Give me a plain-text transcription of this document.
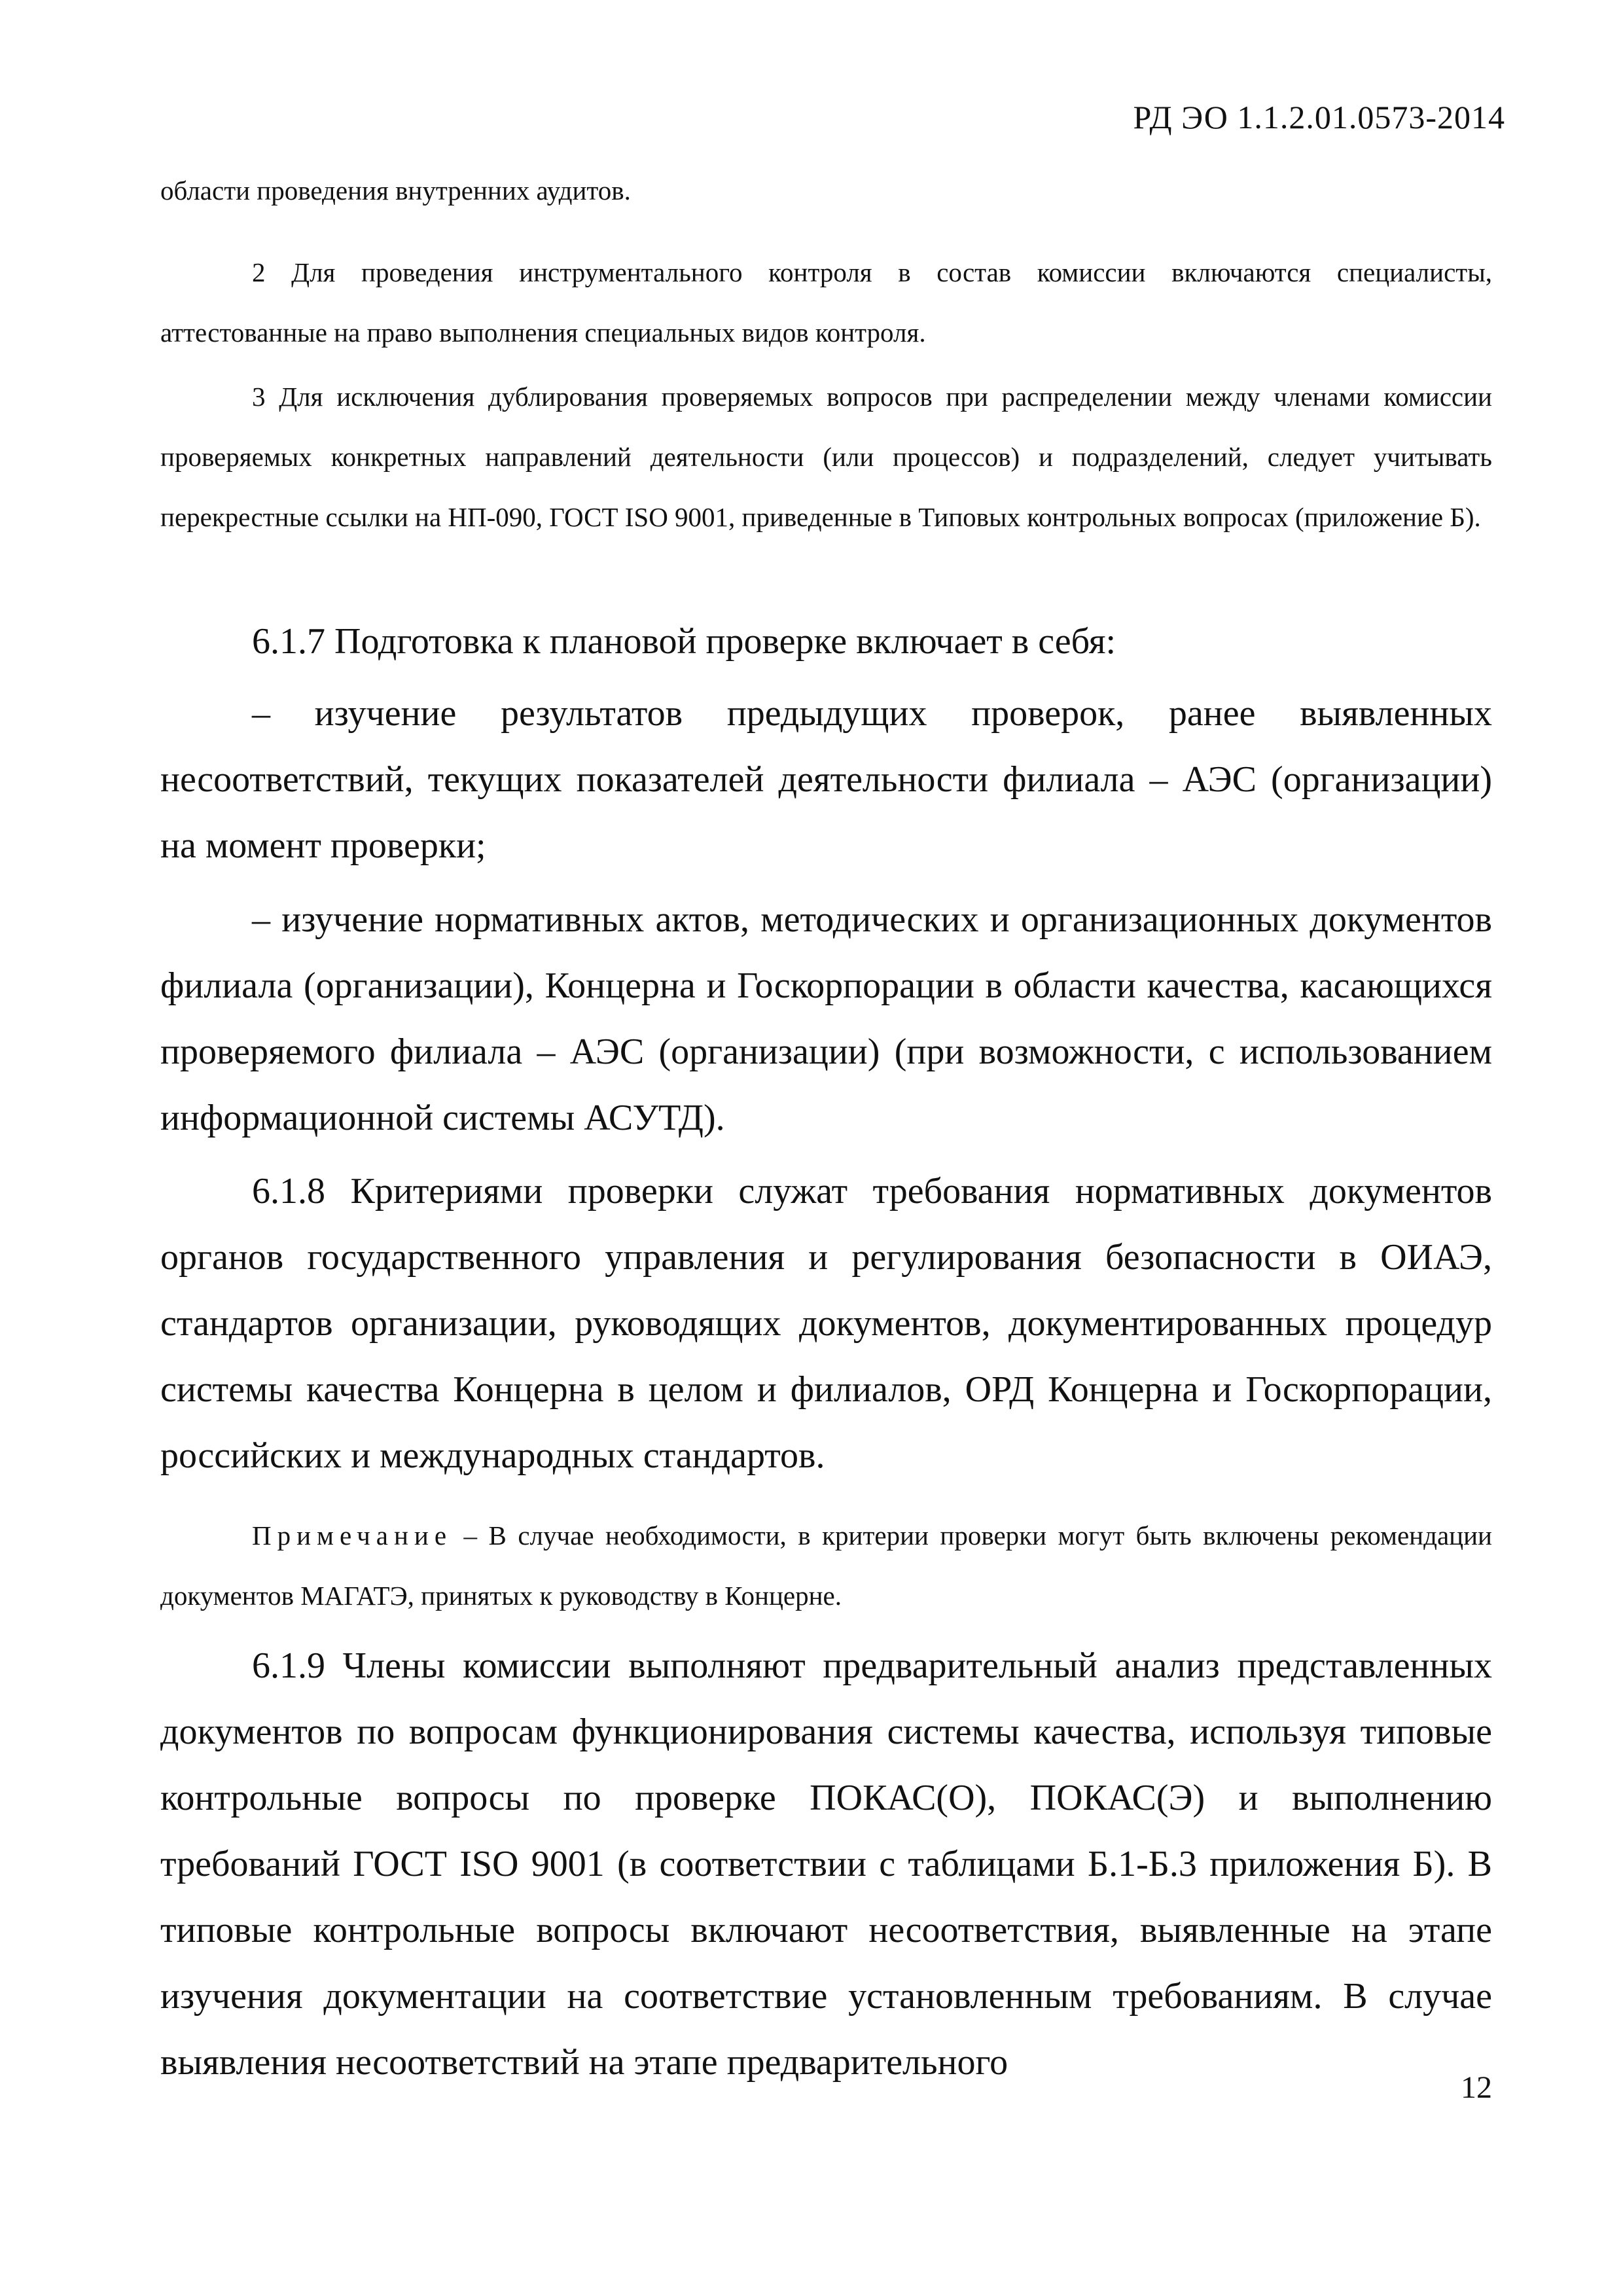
РД ЭО 1.1.2.01.0573-2014

области проведения внутренних аудитов.

2 Для проведения инструментального контроля в состав комиссии включаются специалисты, аттестованные на право выполнения специальных видов контроля.

3 Для исключения дублирования проверяемых вопросов при распределении между членами комиссии проверяемых конкретных направлений деятельности (или процессов) и подразделений, следует учитывать перекрестные ссылки на НП-090, ГОСТ ISO 9001, приведенные в Типовых контрольных вопросах (приложение Б).

6.1.7 Подготовка к плановой проверке включает в себя:

– изучение результатов предыдущих проверок, ранее выявленных несоответствий, текущих показателей деятельности филиала – АЭС (организации) на момент проверки;

– изучение нормативных актов, методических и организационных документов филиала (организации), Концерна и Госкорпорации в области качества, касающихся проверяемого филиала – АЭС (организации) (при возможности, с использованием информационной системы АСУТД).

6.1.8 Критериями проверки служат требования нормативных документов органов государственного управления и регулирования безопасности в ОИАЭ, стандартов организации, руководящих документов, документированных процедур системы качества Концерна в целом и филиалов, ОРД Концерна и Госкорпорации, российских и международных стандартов.

Примечание – В случае необходимости, в критерии проверки могут быть включены рекомендации документов МАГАТЭ, принятых к руководству в Концерне.

6.1.9 Члены комиссии выполняют предварительный анализ представленных документов по вопросам функционирования системы качества, используя типовые контрольные вопросы по проверке ПОКАС(О), ПОКАС(Э) и выполнению требований ГОСТ ISO 9001 (в соответствии с таблицами Б.1-Б.3 приложения Б). В типовые контрольные вопросы включают несоответствия, выявленные на этапе изучения документации на соответствие установленным требованиям. В случае выявления несоответствий на этапе предварительного

12
